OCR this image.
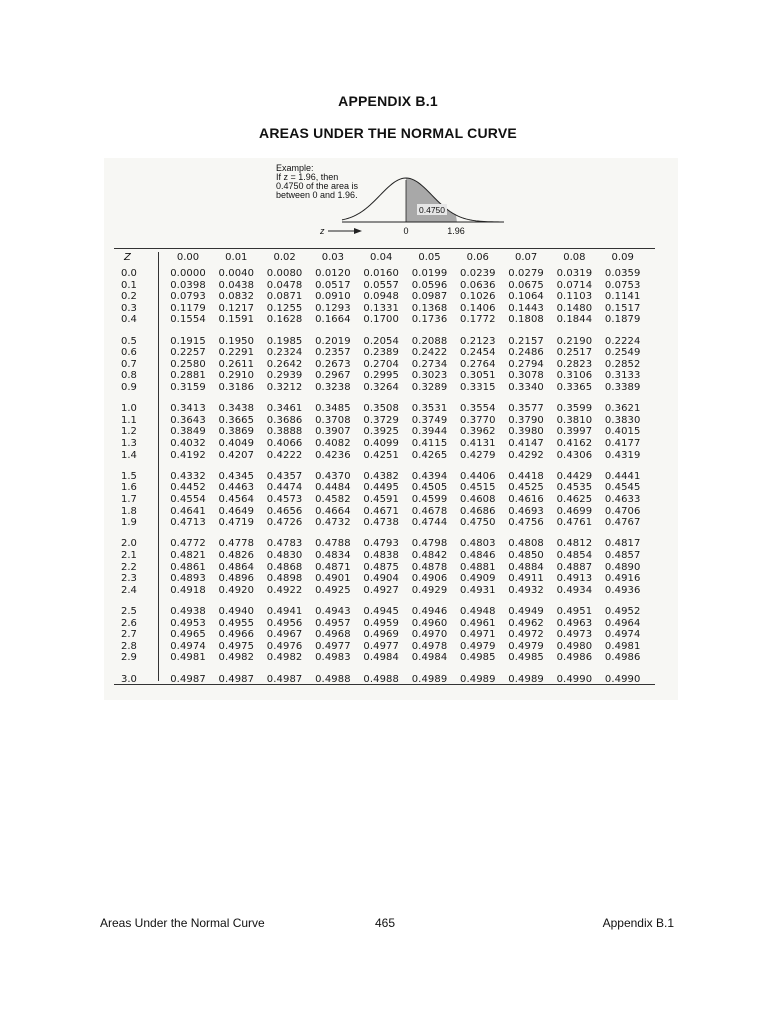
APPENDIX B.1
AREAS UNDER THE NORMAL CURVE
Example:
If z = 1.96, then
0.4750 of the area is
between 0 and 1.96.
0.4750
z	0	1.96
Z	0.00	0.01	0.02	0.03	0.04	0.05	0.06	0.07	0.08	0.09
0.0	0.0000	0.0040	0.0080	0.0120	0.0160	0.0199	0.0239	0.0279	0.0319	0.0359
0.1	0.0398	0.0438	0.0478	0.0517	0.0557	0.0596	0.0636	0.0675	0.0714	0.0753
0.2	0.0793	0.0832	0.0871	0.0910	0.0948	0.0987	0.1026	0.1064	0.1103	0.1141
0.3	0.1179	0.1217	0.1255	0.1293	0.1331	0.1368	0.1406	0.1443	0.1480	0.1517
0.4	0.1554	0.1591	0.1628	0.1664	0.1700	0.1736	0.1772	0.1808	0.1844	0.1879
0.5	0.1915	0.1950	0.1985	0.2019	0.2054	0.2088	0.2123	0.2157	0.2190	0.2224
0.6	0.2257	0.2291	0.2324	0.2357	0.2389	0.2422	0.2454	0.2486	0.2517	0.2549
0.7	0.2580	0.2611	0.2642	0.2673	0.2704	0.2734	0.2764	0.2794	0.2823	0.2852
0.8	0.2881	0.2910	0.2939	0.2967	0.2995	0.3023	0.3051	0.3078	0.3106	0.3133
0.9	0.3159	0.3186	0.3212	0.3238	0.3264	0.3289	0.3315	0.3340	0.3365	0.3389
1.0	0.3413	0.3438	0.3461	0.3485	0.3508	0.3531	0.3554	0.3577	0.3599	0.3621
1.1	0.3643	0.3665	0.3686	0.3708	0.3729	0.3749	0.3770	0.3790	0.3810	0.3830
1.2	0.3849	0.3869	0.3888	0.3907	0.3925	0.3944	0.3962	0.3980	0.3997	0.4015
1.3	0.4032	0.4049	0.4066	0.4082	0.4099	0.4115	0.4131	0.4147	0.4162	0.4177
1.4	0.4192	0.4207	0.4222	0.4236	0.4251	0.4265	0.4279	0.4292	0.4306	0.4319
1.5	0.4332	0.4345	0.4357	0.4370	0.4382	0.4394	0.4406	0.4418	0.4429	0.4441
1.6	0.4452	0.4463	0.4474	0.4484	0.4495	0.4505	0.4515	0.4525	0.4535	0.4545
1.7	0.4554	0.4564	0.4573	0.4582	0.4591	0.4599	0.4608	0.4616	0.4625	0.4633
1.8	0.4641	0.4649	0.4656	0.4664	0.4671	0.4678	0.4686	0.4693	0.4699	0.4706
1.9	0.4713	0.4719	0.4726	0.4732	0.4738	0.4744	0.4750	0.4756	0.4761	0.4767
2.0	0.4772	0.4778	0.4783	0.4788	0.4793	0.4798	0.4803	0.4808	0.4812	0.4817
2.1	0.4821	0.4826	0.4830	0.4834	0.4838	0.4842	0.4846	0.4850	0.4854	0.4857
2.2	0.4861	0.4864	0.4868	0.4871	0.4875	0.4878	0.4881	0.4884	0.4887	0.4890
2.3	0.4893	0.4896	0.4898	0.4901	0.4904	0.4906	0.4909	0.4911	0.4913	0.4916
2.4	0.4918	0.4920	0.4922	0.4925	0.4927	0.4929	0.4931	0.4932	0.4934	0.4936
2.5	0.4938	0.4940	0.4941	0.4943	0.4945	0.4946	0.4948	0.4949	0.4951	0.4952
2.6	0.4953	0.4955	0.4956	0.4957	0.4959	0.4960	0.4961	0.4962	0.4963	0.4964
2.7	0.4965	0.4966	0.4967	0.4968	0.4969	0.4970	0.4971	0.4972	0.4973	0.4974
2.8	0.4974	0.4975	0.4976	0.4977	0.4977	0.4978	0.4979	0.4979	0.4980	0.4981
2.9	0.4981	0.4982	0.4982	0.4983	0.4984	0.4984	0.4985	0.4985	0.4986	0.4986
3.0	0.4987	0.4987	0.4987	0.4988	0.4988	0.4989	0.4989	0.4989	0.4990	0.4990
Areas Under the Normal Curve	465	Appendix B.1
